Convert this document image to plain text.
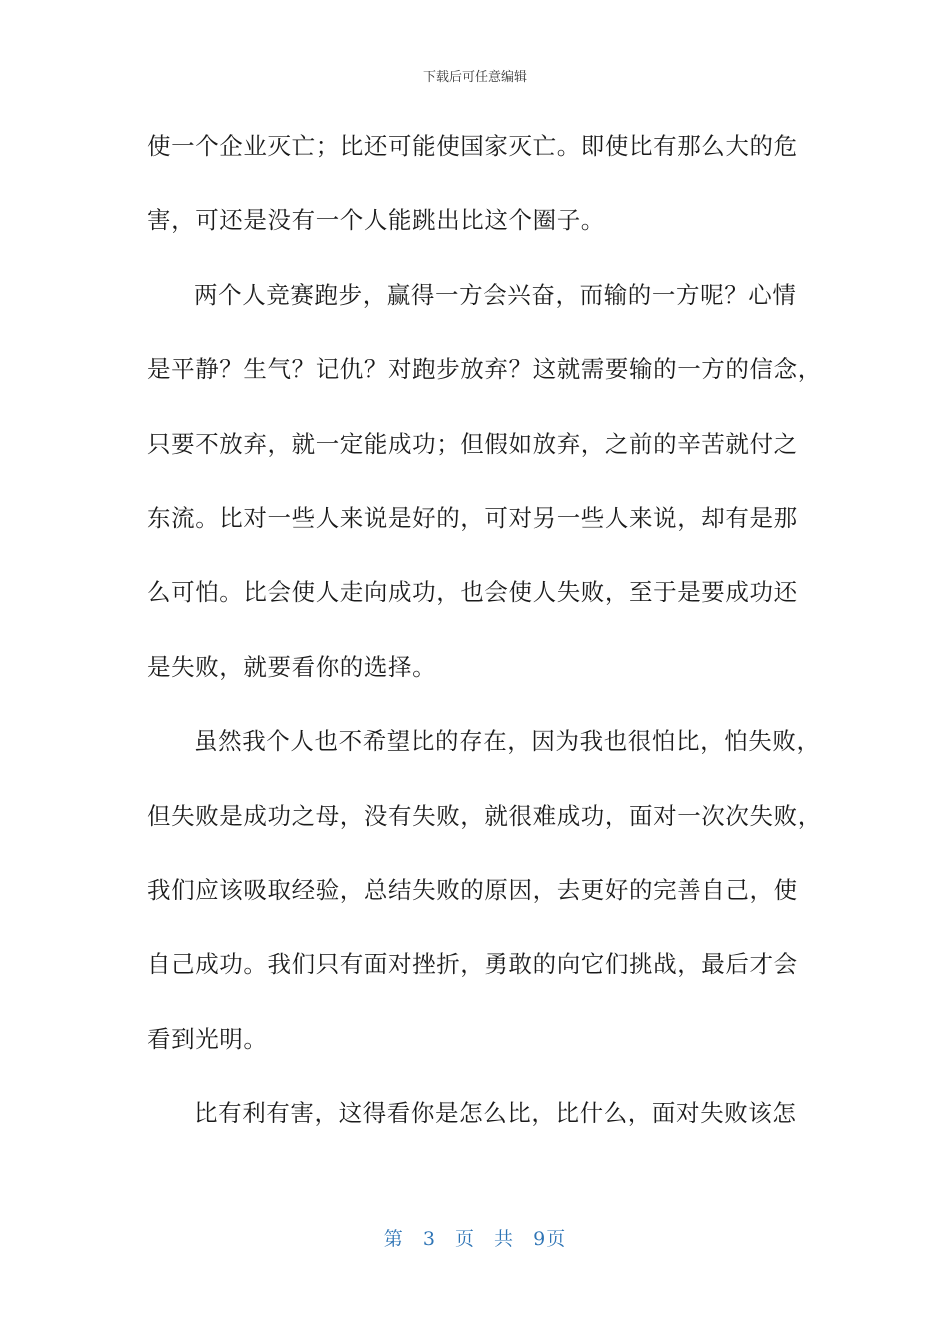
下载后可任意编辑
使一个企业灭亡；比还可能使国家灭亡。即使比有那么大的危
害，可还是没有一个人能跳出比这个圈子。
两个人竞赛跑步，赢得一方会兴奋，而输的一方呢？心情
是平静？生气？记仇？对跑步放弃？这就需要输的一方的信念，
只要不放弃，就一定能成功；但假如放弃，之前的辛苦就付之
东流。比对一些人来说是好的，可对另一些人来说，却有是那
么可怕。比会使人走向成功，也会使人失败，至于是要成功还
是失败，就要看你的选择。
虽然我个人也不希望比的存在，因为我也很怕比，怕失败，
但失败是成功之母，没有失败，就很难成功，面对一次次失败，
我们应该吸取经验，总结失败的原因，去更好的完善自己，使
自己成功。我们只有面对挫折，勇敢的向它们挑战，最后才会
看到光明。
比有利有害，这得看你是怎么比，比什么，面对失败该怎
第 3 页 共 9页
